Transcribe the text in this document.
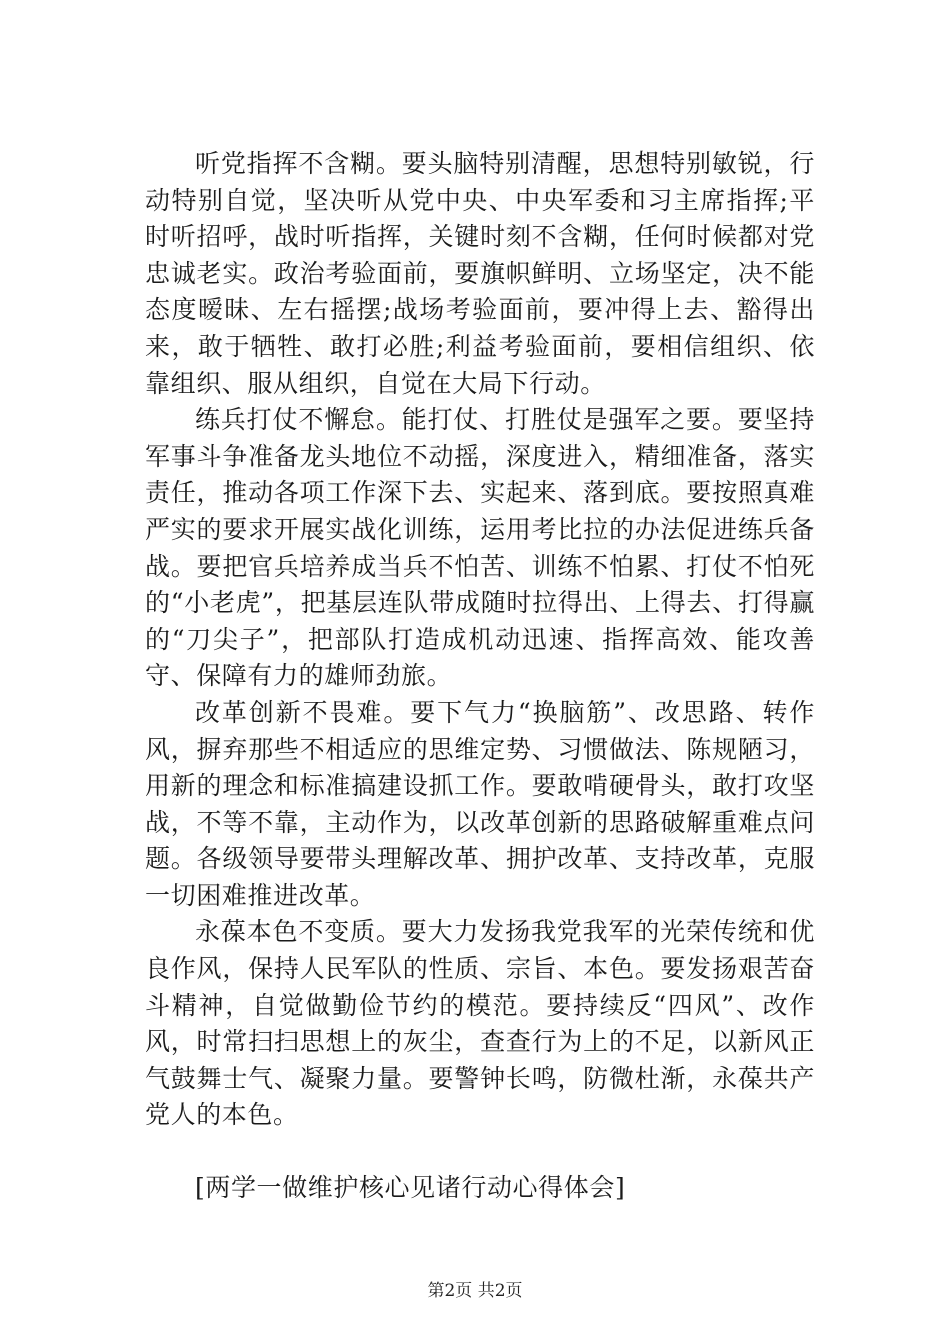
听党指挥不含糊。要头脑特别清醒，思想特别敏锐，行动特别自觉，坚决听从党中央、中央军委和习主席指挥;平时听招呼，战时听指挥，关键时刻不含糊，任何时候都对党忠诚老实。政治考验面前，要旗帜鲜明、立场坚定，决不能态度暧昧、左右摇摆;战场考验面前，要冲得上去、豁得出来，敢于牺牲、敢打必胜;利益考验面前，要相信组织、依靠组织、服从组织，自觉在大局下行动。

练兵打仗不懈怠。能打仗、打胜仗是强军之要。要坚持军事斗争准备龙头地位不动摇，深度进入，精细准备，落实责任，推动各项工作深下去、实起来、落到底。要按照真难严实的要求开展实战化训练，运用考比拉的办法促进练兵备战。要把官兵培养成当兵不怕苦、训练不怕累、打仗不怕死的“小老虎”，把基层连队带成随时拉得出、上得去、打得赢的“刀尖子”，把部队打造成机动迅速、指挥高效、能攻善守、保障有力的雄师劲旅。

改革创新不畏难。要下气力“换脑筋”、改思路、转作风，摒弃那些不相适应的思维定势、习惯做法、陈规陋习，用新的理念和标准搞建设抓工作。要敢啃硬骨头，敢打攻坚战，不等不靠，主动作为，以改革创新的思路破解重难点问题。各级领导要带头理解改革、拥护改革、支持改革，克服一切困难推进改革。

永葆本色不变质。要大力发扬我党我军的光荣传统和优良作风，保持人民军队的性质、宗旨、本色。要发扬艰苦奋斗精神，自觉做勤俭节约的模范。要持续反“四风”、改作风，时常扫扫思想上的灰尘，查查行为上的不足，以新风正气鼓舞士气、凝聚力量。要警钟长鸣，防微杜渐，永葆共产党人的本色。

[两学一做维护核心见诸行动心得体会]

第2页 共2页
